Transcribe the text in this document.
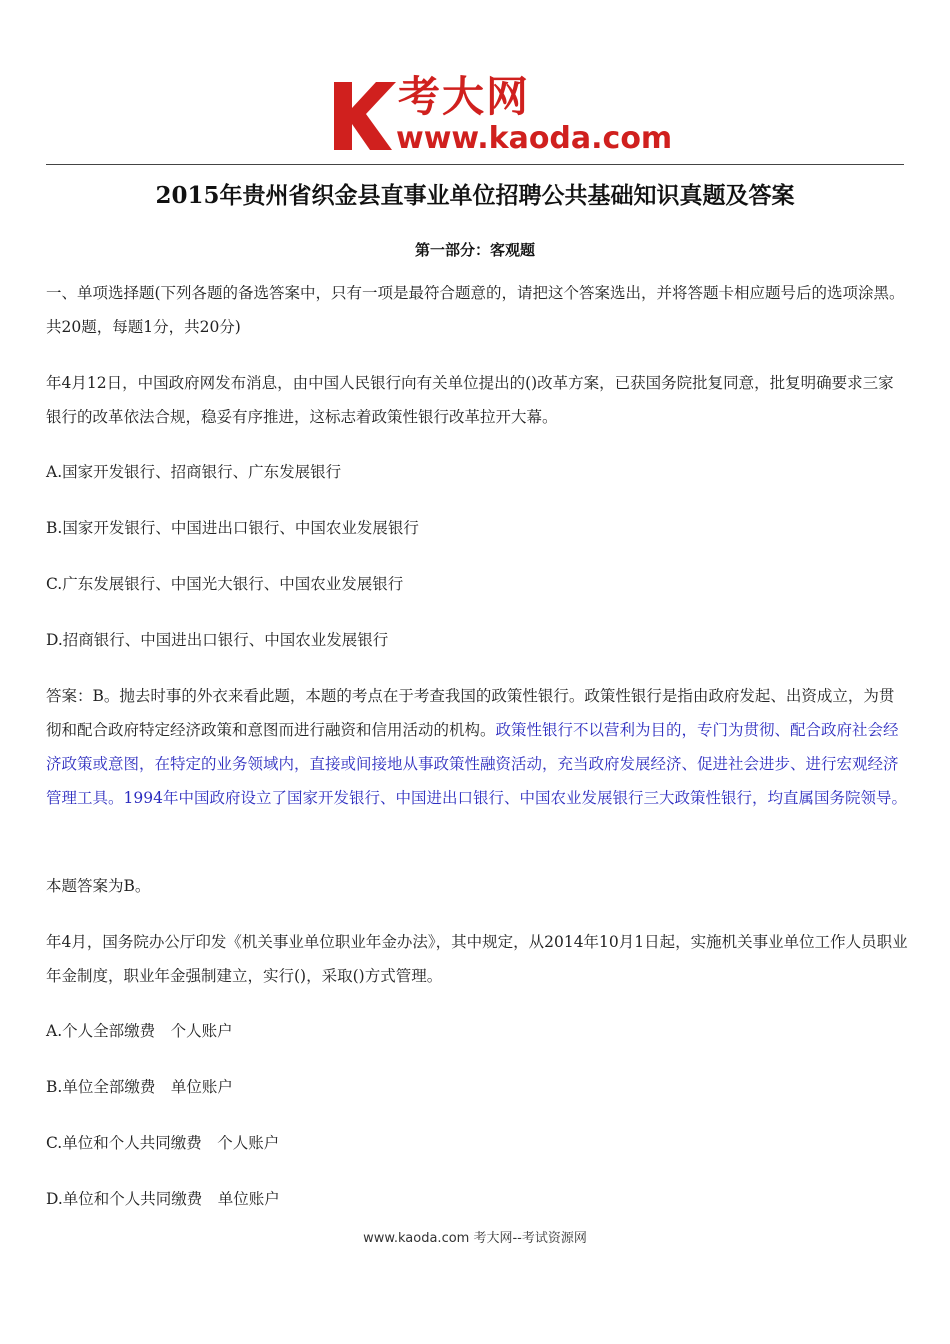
考大网
www.kaoda.com
2015年贵州省织金县直事业单位招聘公共基础知识真题及答案
第一部分：客观题
一、单项选择题(下列各题的备选答案中，只有一项是最符合题意的，请把这个答案选出，并将答题卡相应题号后的选项涂黑。共20题，每题1分，共20分)
年4月12日，中国政府网发布消息，由中国人民银行向有关单位提出的()改革方案，已获国务院批复同意，批复明确要求三家银行的改革依法合规，稳妥有序推进，这标志着政策性银行改革拉开大幕。
A.国家开发银行、招商银行、广东发展银行
B.国家开发银行、中国进出口银行、中国农业发展银行
C.广东发展银行、中国光大银行、中国农业发展银行
D.招商银行、中国进出口银行、中国农业发展银行
答案：B。抛去时事的外衣来看此题，本题的考点在于考查我国的政策性银行。政策性银行是指由政府发起、出资成立，为贯彻和配合政府特定经济政策和意图而进行融资和信用活动的机构。政策性银行不以营利为目的，专门为贯彻、配合政府社会经济政策或意图，在特定的业务领域内，直接或间接地从事政策性融资活动，充当政府发展经济、促进社会进步、进行宏观经济管理工具。1994年中国政府设立了国家开发银行、中国进出口银行、中国农业发展银行三大政策性银行，均直属国务院领导。
本题答案为B。
年4月，国务院办公厅印发《机关事业单位职业年金办法》，其中规定，从2014年10月1日起，实施机关事业单位工作人员职业年金制度，职业年金强制建立，实行()，采取()方式管理。
A.个人全部缴费　个人账户
B.单位全部缴费　单位账户
C.单位和个人共同缴费　个人账户
D.单位和个人共同缴费　单位账户
www.kaoda.com 考大网--考试资源网
